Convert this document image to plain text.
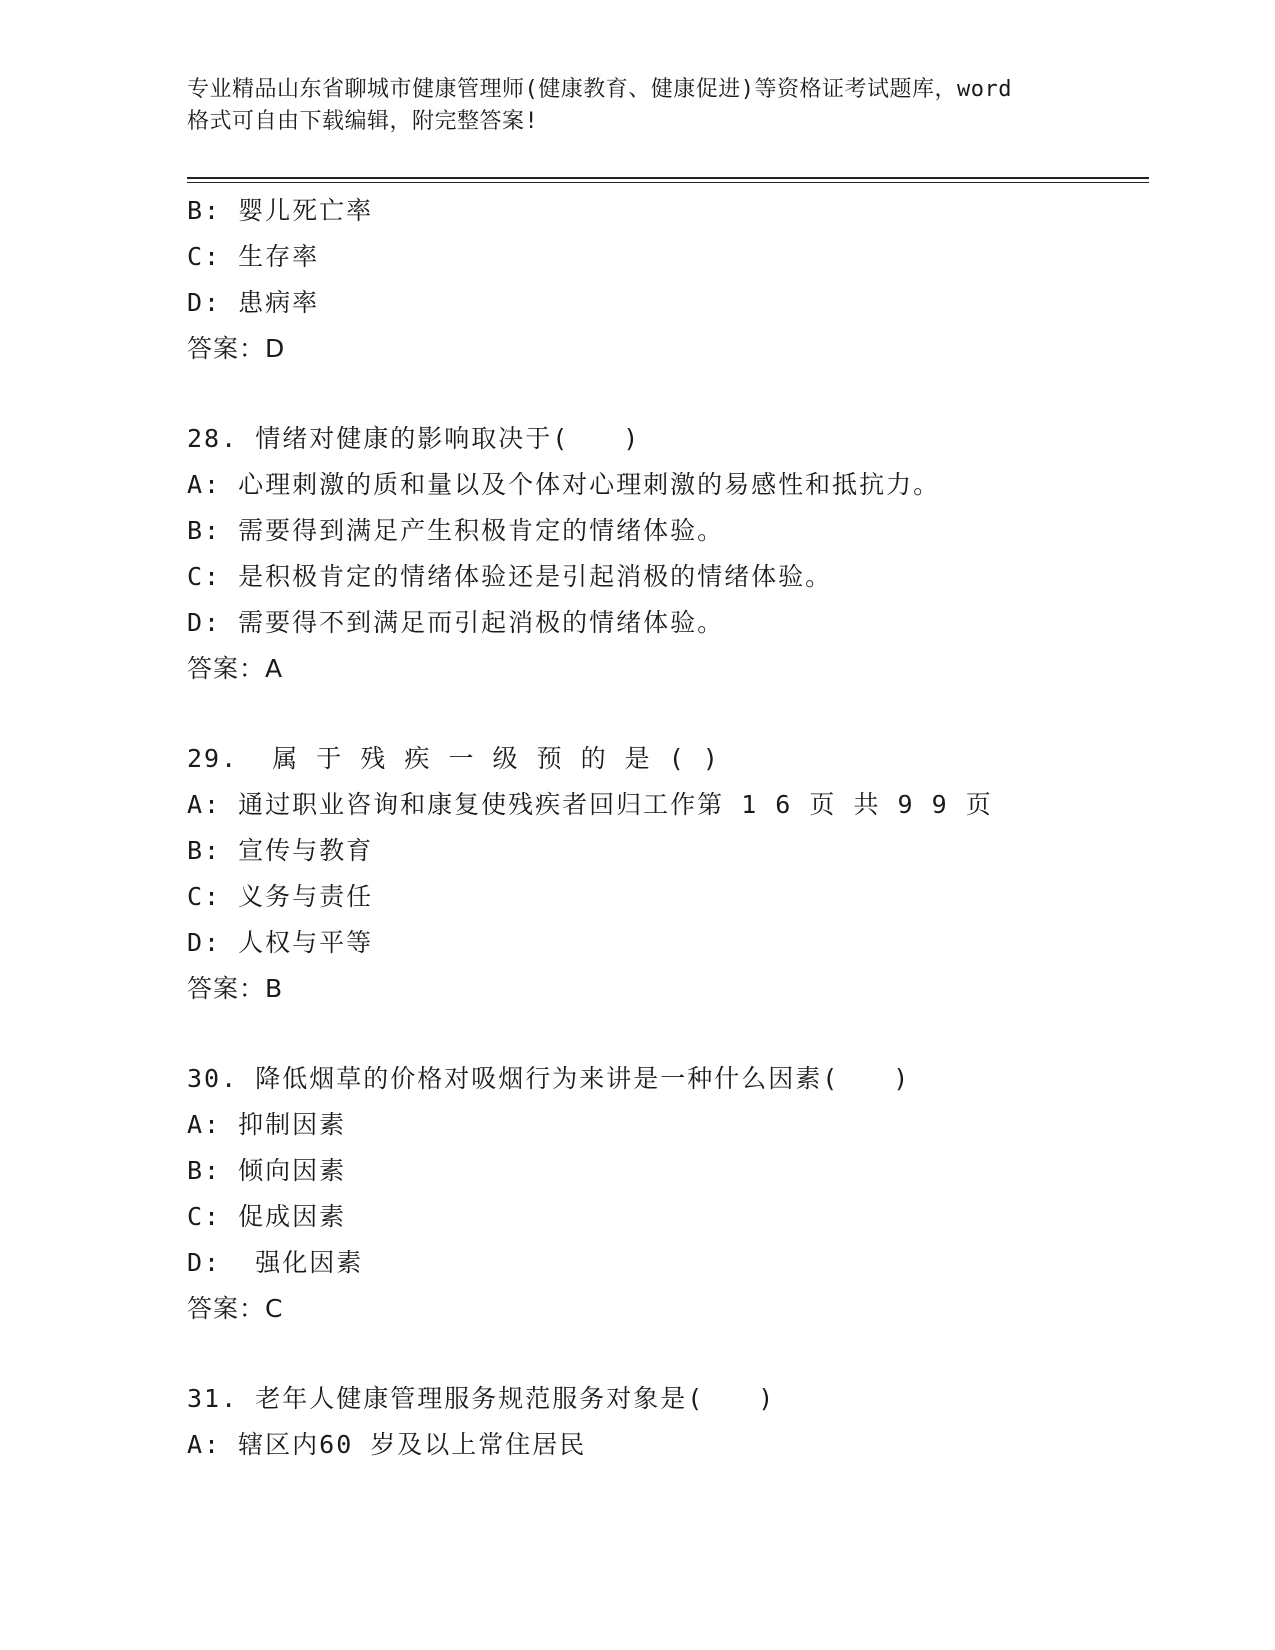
专业精品山东省聊城市健康管理师(健康教育、健康促进)等资格证考试题库，word
格式可自由下载编辑，附完整答案!
B: 婴儿死亡率
C: 生存率
D: 患病率
答案：D
28. 情绪对健康的影响取决于(　　)
A: 心理刺激的质和量以及个体对心理刺激的易感性和抵抗力。
B: 需要得到满足产生积极肯定的情绪体验。
C: 是积极肯定的情绪体验还是引起消极的情绪体验。
D: 需要得不到满足而引起消极的情绪体验。
答案：A
29.  属 于 残 疾 一 级 预 的 是 ( )
A: 通过职业咨询和康复使残疾者回归工作第 1 6 页 共 9 9 页
B: 宣传与教育
C: 义务与责任
D: 人权与平等
答案：B
30. 降低烟草的价格对吸烟行为来讲是一种什么因素(　　)
A: 抑制因素
B: 倾向因素
C: 促成因素
D:  强化因素
答案：C
31. 老年人健康管理服务规范服务对象是(　　)
A: 辖区内60 岁及以上常住居民
